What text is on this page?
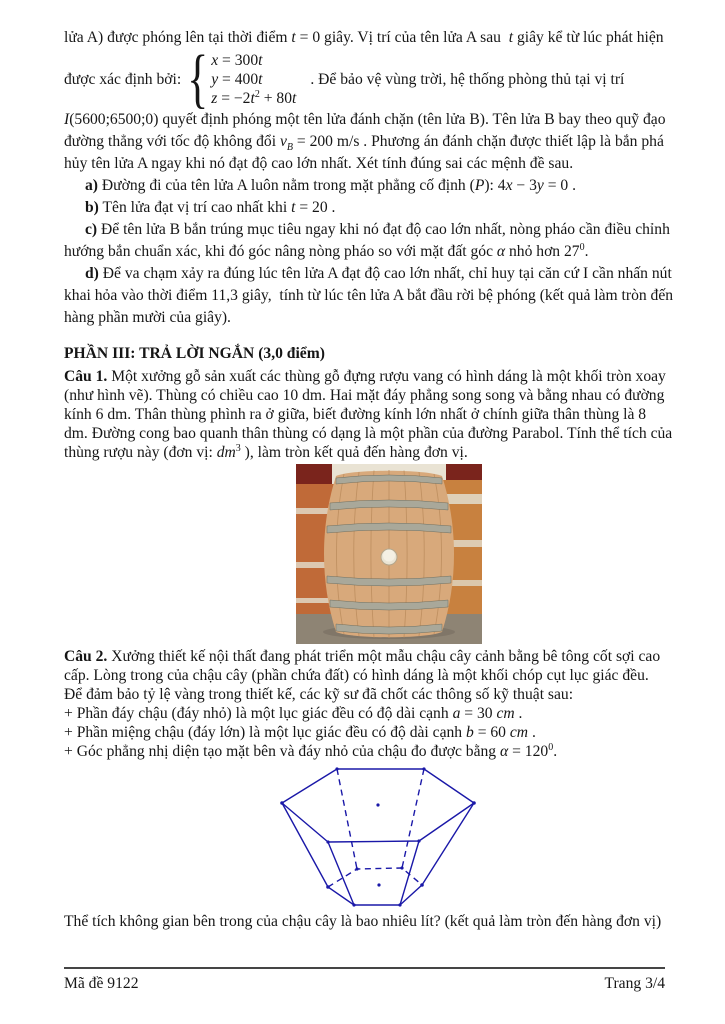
lửa A) được phóng lên tại thời điểm t = 0 giây. Vị trí của tên lửa A sau  t giây kể từ lúc phát hiện
được xác định bởi: { x = 300t
y = 400t
$z = -2t^2 + 80t$
. Để bảo vệ vùng trời, hệ thống phòng thủ tại vị trí
I(5600;6500;0) quyết định phóng một tên lửa đánh chặn (tên lửa B). Tên lửa B bay theo quỹ đạo
đường thẳng với tốc độ không đổi $v_B = 200$ m/s . Phương án đánh chặn được thiết lập là bắn phá
hủy tên lửa A ngay khi nó đạt độ cao lớn nhất. Xét tính đúng sai các mệnh đề sau.
a) Đường đi của tên lửa A luôn nằm trong mặt phẳng cố định (P): 4x − 3y = 0 .
b) Tên lửa đạt vị trí cao nhất khi t = 20 .
c) Để tên lửa B bắn trúng mục tiêu ngay khi nó đạt độ cao lớn nhất, nòng pháo cần điều chỉnh
hướng bắn chuẩn xác, khi đó góc nâng nòng pháo so với mặt đất góc α nhỏ hơn $27^0$.
d) Để va chạm xảy ra đúng lúc tên lửa A đạt độ cao lớn nhất, chỉ huy tại căn cứ I cần nhấn nút
khai hỏa vào thời điểm 11,3 giây,  tính từ lúc tên lửa A bắt đầu rời bệ phóng (kết quả làm tròn đến
hàng phần mười của giây).
PHẦN III: TRẢ LỜI NGẮN (3,0 điểm)
Câu 1. Một xưởng gỗ sản xuất các thùng gỗ đựng rượu vang có hình dáng là một khối tròn xoay
(như hình vẽ). Thùng có chiều cao 10 dm. Hai mặt đáy phẳng song song và bằng nhau có đường
kính 6 dm. Thân thùng phình ra ở giữa, biết đường kính lớn nhất ở chính giữa thân thùng là 8
dm. Đường cong bao quanh thân thùng có dạng là một phần của đường Parabol. Tính thể tích của
thùng rượu này (đơn vị: $dm^3$ ), làm tròn kết quả đến hàng đơn vị.
Câu 2. Xưởng thiết kế nội thất đang phát triển một mẫu chậu cây cảnh bằng bê tông cốt sợi cao
cấp. Lòng trong của chậu cây (phần chứa đất) có hình dáng là một khối chóp cụt lục giác đều.
Để đảm bảo tỷ lệ vàng trong thiết kế, các kỹ sư đã chốt các thông số kỹ thuật sau:
+ Phần đáy chậu (đáy nhỏ) là một lục giác đều có độ dài cạnh a = 30 cm .
+ Phần miệng chậu (đáy lớn) là một lục giác đều có độ dài cạnh b = 60 cm .
+ Góc phẳng nhị diện tạo mặt bên và đáy nhỏ của chậu đo được bằng $\alpha = 120^0$.
Thể tích không gian bên trong của chậu cây là bao nhiêu lít? (kết quả làm tròn đến hàng đơn vị)
Mã đề 9122	Trang 3/4
